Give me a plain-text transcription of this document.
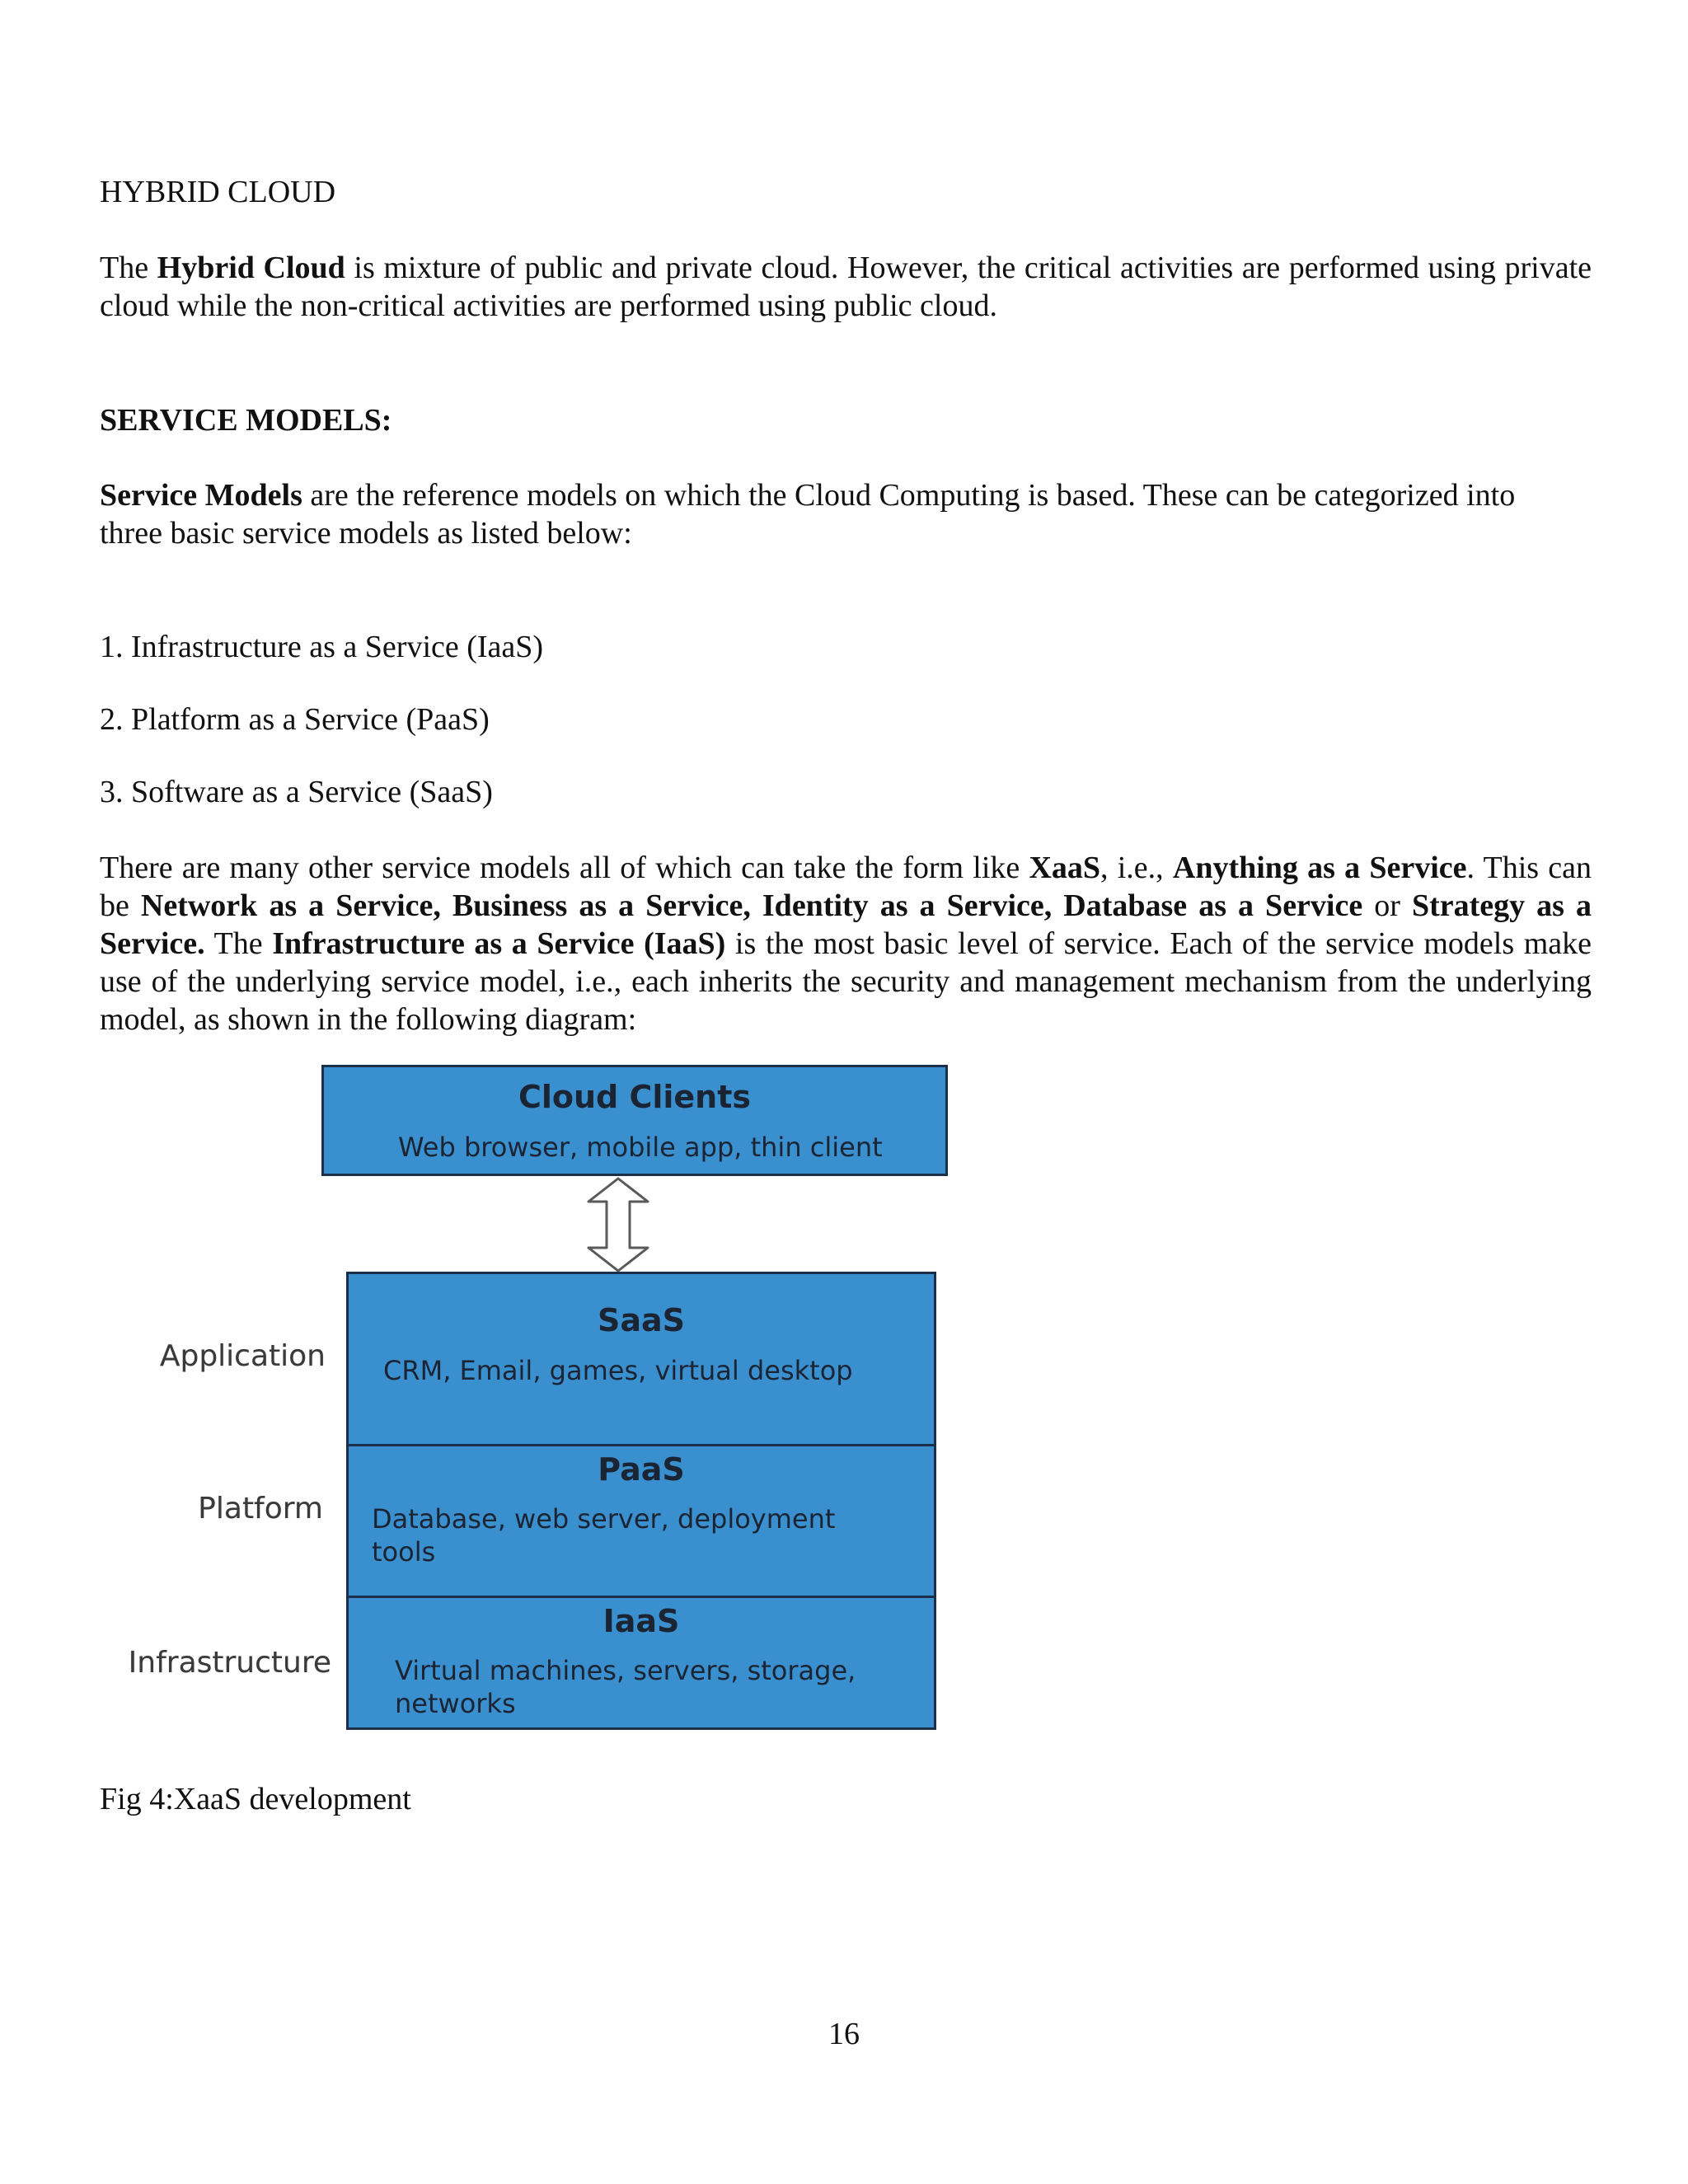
HYBRID CLOUD
The Hybrid Cloud is mixture of public and private cloud. However, the critical activities are performed using private cloud while the non-critical activities are performed using public cloud.
SERVICE MODELS:
Service Models are the reference models on which the Cloud Computing is based. These can be categorized into three basic service models as listed below:
1. Infrastructure as a Service (IaaS)
2. Platform as a Service (PaaS)
3. Software as a Service (SaaS)
There are many other service models all of which can take the form like XaaS, i.e., Anything as a Service. This can be Network as a Service, Business as a Service, Identity as a Service, Database as a Service or Strategy as a Service. The Infrastructure as a Service (IaaS) is the most basic level of service. Each of the service models make use of the underlying service model, i.e., each inherits the security and management mechanism from the underlying model, as shown in the following diagram:
Cloud Clients
Web browser, mobile app, thin client
SaaS
CRM, Email, games, virtual desktop
PaaS
Database, web server, deployment
tools
IaaS
Virtual machines, servers, storage,
networks
Application
Platform
Infrastructure
Fig 4:XaaS development
16
